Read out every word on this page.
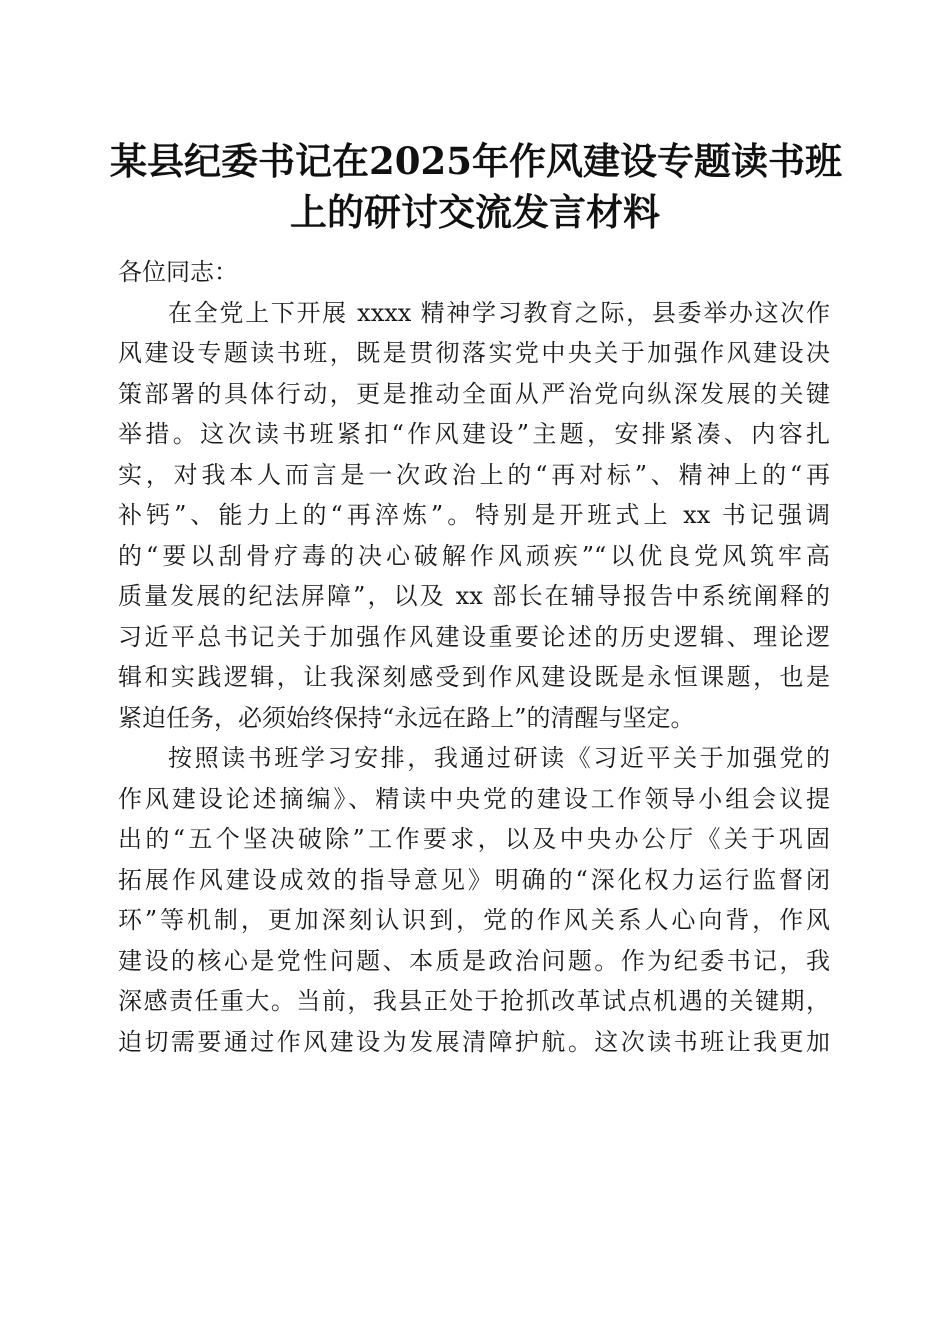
某县纪委书记在2025年作风建设专题读书班
上的研讨交流发言材料
各位同志：
在全党上下开展 xxxx 精神学习教育之际，县委举办这次作
风建设专题读书班，既是贯彻落实党中央关于加强作风建设决
策部署的具体行动，更是推动全面从严治党向纵深发展的关键
举措。这次读书班紧扣“作风建设”主题，安排紧凑、内容扎
实，对我本人而言是一次政治上的“再对标”、精神上的“再
补钙”、能力上的“再淬炼”。特别是开班式上 xx 书记强调
的“要以刮骨疗毒的决心破解作风顽疾”“以优良党风筑牢高
质量发展的纪法屏障”，以及 xx 部长在辅导报告中系统阐释的
习近平总书记关于加强作风建设重要论述的历史逻辑、理论逻
辑和实践逻辑，让我深刻感受到作风建设既是永恒课题，也是
紧迫任务，必须始终保持“永远在路上”的清醒与坚定。
按照读书班学习安排，我通过研读《习近平关于加强党的
作风建设论述摘编》、精读中央党的建设工作领导小组会议提
出的“五个坚决破除”工作要求，以及中央办公厅《关于巩固
拓展作风建设成效的指导意见》明确的“深化权力运行监督闭
环”等机制，更加深刻认识到，党的作风关系人心向背，作风
建设的核心是党性问题、本质是政治问题。作为纪委书记，我
深感责任重大。当前，我县正处于抢抓改革试点机遇的关键期，
迫切需要通过作风建设为发展清障护航。这次读书班让我更加
